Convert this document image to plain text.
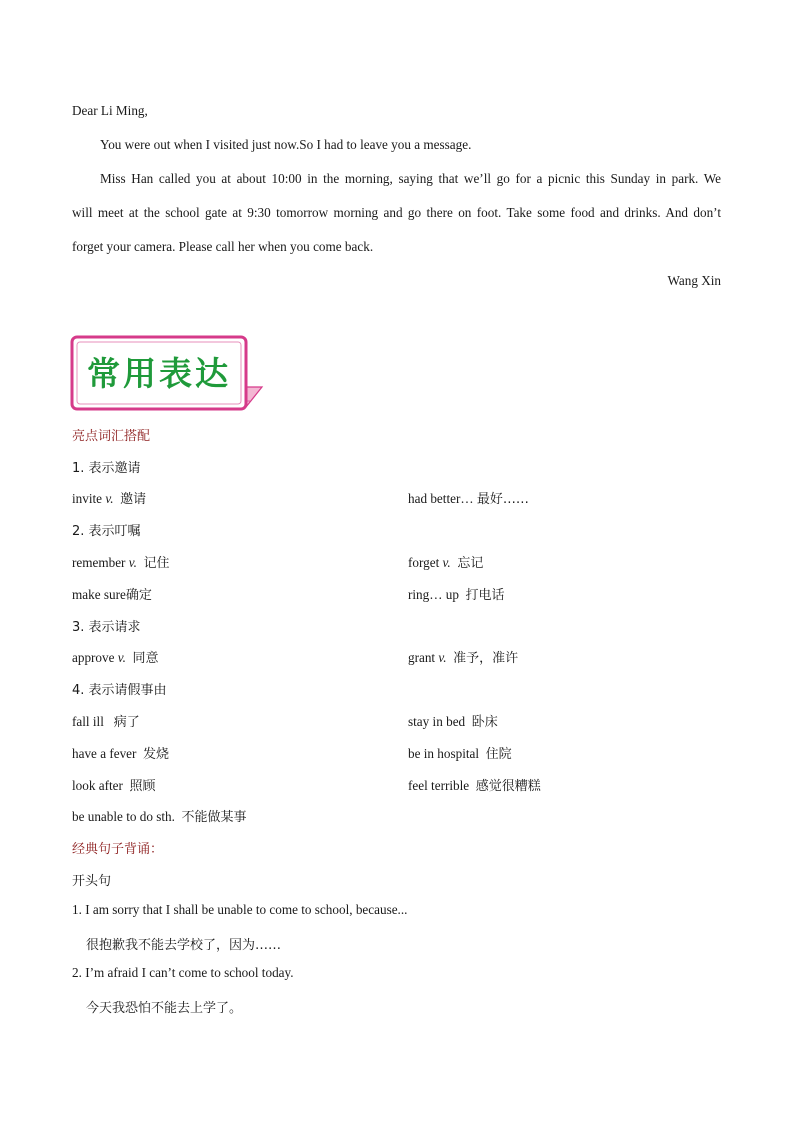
Dear Li Ming,
You were out when I visited just now.So I had to leave you a message.
Miss Han called you at about 10:00 in the morning, saying that we’ll go for a picnic this Sunday in park. We
will meet at the school gate at 9:30 tomorrow morning and go there on foot. Take some food and drinks. And don’t
forget your camera. Please call her when you come back.
Wang Xin
常用表达
亮点词汇搭配
1. 表示邀请
invite v. 邀请	had better… 最好……
2. 表示叮嘱
remember v. 记住	forget v. 忘记
make sure确定	ring… up 打电话
3. 表示请求
approve v. 同意	grant v. 准予，准许
4. 表示请假事由
fall ill 病了	stay in bed 卧床
have a fever 发烧	be in hospital 住院
look after 照顾	feel terrible 感觉很糟糕
be unable to do sth. 不能做某事
经典句子背诵：
开头句
1. I am sorry that I shall be unable to come to school, because...
很抱歉我不能去学校了，因为……
2. I’m afraid I can’t come to school today.
今天我恐怕不能去上学了。
